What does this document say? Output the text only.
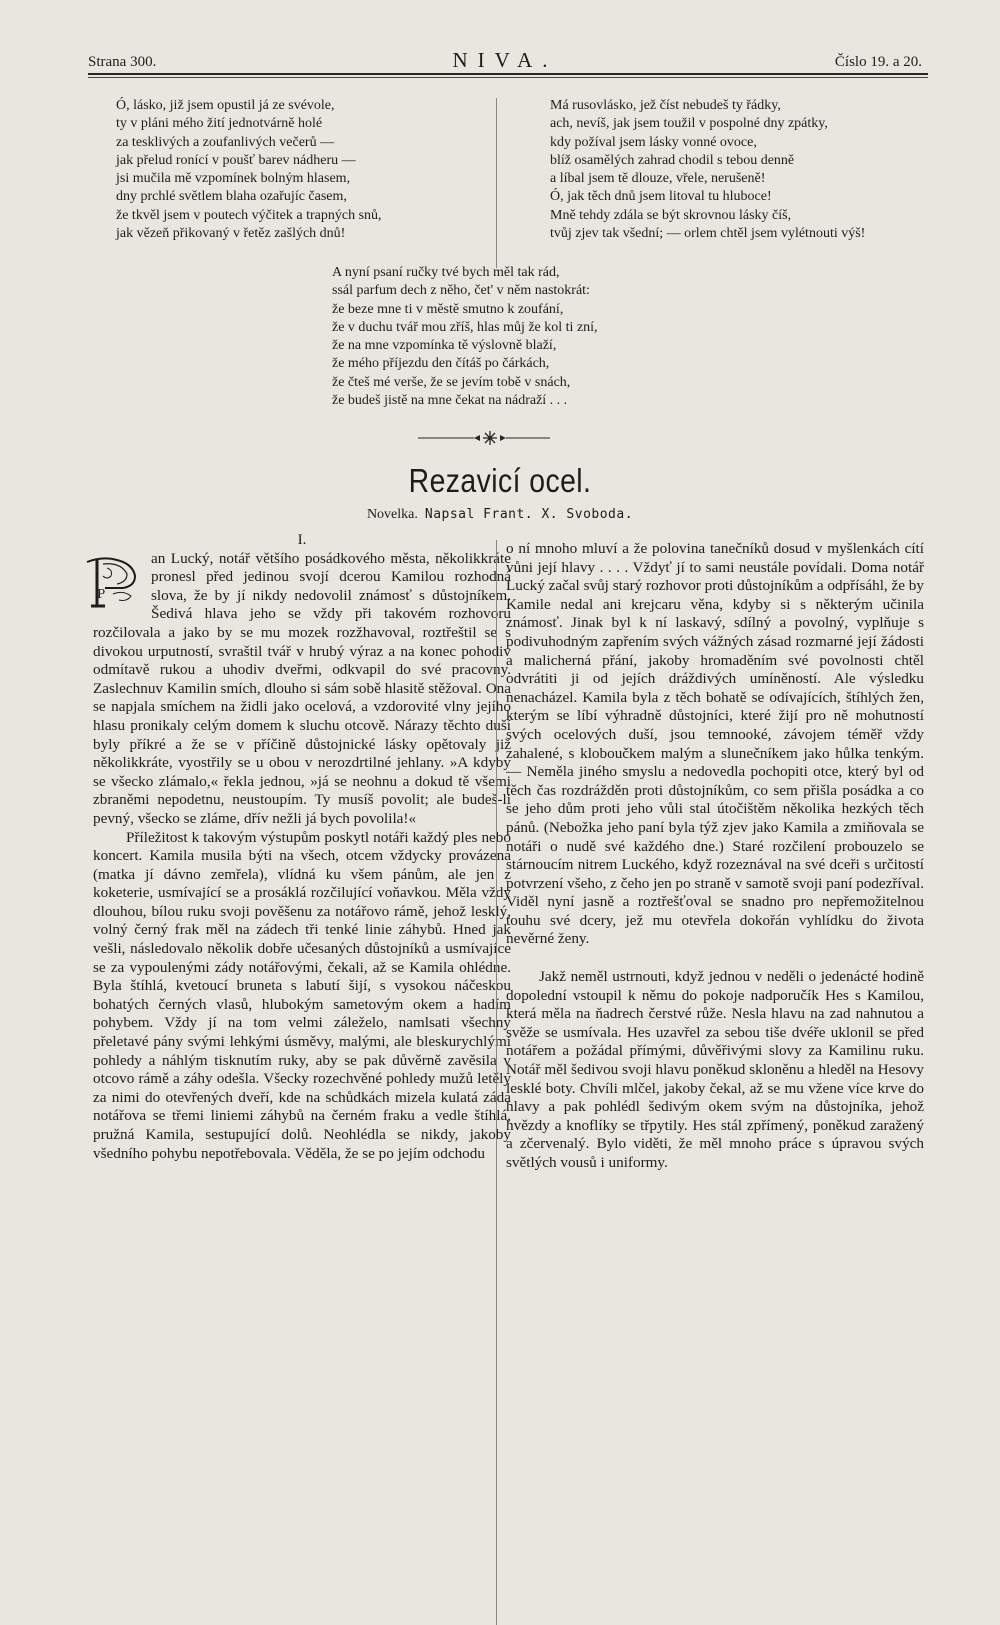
Strana 300.	NIVA.	Číslo 19. a 20.
Ó, lásko, již jsem opustil já ze svévole,
ty v pláni mého žití jednotvárně holé
za tesklivých a zoufanlivých večerů —
jak přelud ronící v poušť barev nádheru —
jsi mučila mě vzpomínek bolným hlasem,
dny prchlé světlem blaha ozařujíc časem,
že tkvěl jsem v poutech výčitek a trapných snů,
jak vězeň přikovaný v řetěz zašlých dnů!
Má rusovlásko, jež číst nebudeš ty řádky,
ach, nevíš, jak jsem toužil v pospolné dny zpátky,
kdy požíval jsem lásky vonné ovoce,
blíž osamělých zahrad chodil s tebou denně
a líbal jsem tě dlouze, vřele, nerušeně!
Ó, jak těch dnů jsem litoval tu hluboce!
Mně tehdy zdála se být skrovnou lásky číš,
tvůj zjev tak všední; — orlem chtěl jsem vylétnouti výš!
A nyní psaní ručky tvé bych měl tak rád,
ssál parfum dech z něho, čet' v něm nastokrát:
že beze mne ti v městě smutno k zoufání,
že v duchu tvář mou zříš, hlas můj že kol ti zní,
že na mne vzpomínka tě výslovně blaží,
že mého příjezdu den čítáš po čárkách,
že čteš mé verše, že se jevím tobě v snách,
že budeš jistě na mne čekat na nádraží . . .
Rezavicí ocel.
Novelka. Napsal Frant. X. Svoboda.

I.

P

an Lucký, notář většího posádkového města, několikkráte pronesl před jedinou svojí dcerou Kamilou rozhodná slova, že by jí nikdy nedovolil známosť s důstojníkem. Šedivá hlava jeho se vždy při takovém rozhovoru rozčilovala a jako by se mu mozek rozžhavoval, roztřeštil se s divokou urputností, svraštil tvář v hrubý výraz a na konec pohodiv odmítavě rukou a uhodiv dveřmi, odkvapil do své pracovny. Zaslechnuv Kamilin smích, dlouho si sám sobě hlasitě stěžoval. Ona se napjala smíchem na židli jako ocelová, a vzdorovité vlny jejího hlasu pronikaly celým domem k sluchu otcově. Nárazy těchto duší byly příkré a že se v příčině důstojnické lásky opětovaly již několikkráte, vyostřily se u obou v nerozdrtilné jehlany. »A kdyby se všecko zlámalo,« řekla jednou, »já se neohnu a dokud tě všemi zbraněmi nepodetnu, neustoupím. Ty musíš povolit; ale budeš-li pevný, všecko se zláme, dřív nežli já bych povolila!«

Příležitost k takovým výstupům poskytl notáři každý ples nebo koncert. Kamila musila býti na všech, otcem vždycky provázena (matka jí dávno zemřela), vlídná ku všem pánům, ale jen z koketerie, usmívající se a prosáklá rozčilující voňavkou. Měla vždy dlouhou, bílou ruku svoji pověšenu za notářovo rámě, jehož lesklý, volný černý frak měl na zádech tři tenké linie záhybů. Hned jak vešli, následovalo několik dobře učesaných důstojníků a usmívajíce se za vypoulenými zády notářovými, čekali, až se Kamila ohlédne. Byla štíhlá, kvetoucí bruneta s labutí šijí, s vysokou náčeskou bohatých černých vlasů, hlubokým sametovým okem a hadím pohybem. Vždy jí na tom velmi záleželo, namlsati všechny přeletavé pány svými lehkými úsměvy, malými, ale bleskurychlými pohledy a náhlým tisknutím ruky, aby se pak důvěrně zavěsila v otcovo rámě a záhy odešla. Všecky rozechvěné pohledy mužů letěly za nimi do otevřených dveří, kde na schůdkách mizela kulatá záda notářova se třemi liniemi záhybů na černém fraku a vedle štíhlá, pružná Kamila, sestupující dolů. Neohlédla se nikdy, jakoby všedního pohybu nepotřebovala. Věděla, že se po jejím odchodu

o ní mnoho mluví a že polovina tanečníků dosud v myšlenkách cítí vůni její hlavy . . . . Vždyť jí to sami neustále povídali. Doma notář Lucký začal svůj starý rozhovor proti důstojníkům a odpřísáhl, že by Kamile nedal ani krejcaru věna, kdyby si s některým učinila známosť. Jinak byl k ní laskavý, sdílný a povolný, vyplňuje s podivuhodným zapřením svých vážných zásad rozmarné její žádosti a malicherná přání, jakoby hromaděním své povolnosti chtěl odvrátiti ji od jejích dráždivých umíněností. Ale výsledku nenacházel. Kamila byla z těch bohatě se odívajících, štíhlých žen, kterým se líbí výhradně důstojníci, které žijí pro ně mohutností svých ocelových duší, jsou temnooké, závojem téměř vždy zahalené, s kloboučkem malým a slunečníkem jako hůlka tenkým. — Neměla jiného smyslu a nedovedla pochopiti otce, který byl od těch čas rozdrážděn proti důstojníkům, co sem přišla posádka a co se jeho dům proti jeho vůli stal útočištěm několika hezkých těch pánů. (Nebožka jeho paní byla týž zjev jako Kamila a zmiňovala se notáři o nudě své každého dne.) Staré rozčilení probouzelo se stárnoucím nitrem Luckého, když rozeznával na své dceři s určitostí potvrzení všeho, z čeho jen po straně v samotě svoji paní podezříval. Viděl nyní jasně a roztřešťoval se snadno pro nepřemožitelnou touhu své dcery, jež mu otevřela dokořán vyhlídku do života nevěrné ženy.

Jakž neměl ustrnouti, když jednou v neděli o jedenácté hodině dopolední vstoupil k němu do pokoje nadporučík Hes s Kamilou, která měla na ňadrech čerstvé růže. Nesla hlavu na zad nahnutou a svěže se usmívala. Hes uzavřel za sebou tiše dvéře uklonil se před notářem a požádal přímými, důvěřivými slovy za Kamilinu ruku. Notář měl šedivou svoji hlavu poněkud skloněnu a hleděl na Hesovy lesklé boty. Chvíli mlčel, jakoby čekal, až se mu vžene více krve do hlavy a pak pohlédl šedivým okem svým na důstojníka, jehož hvězdy a knoflíky se třpytily. Hes stál zpřímený, poněkud zaražený a zčervenalý. Bylo viděti, že měl mnoho práce s úpravou svých světlých vousů i uniformy.
